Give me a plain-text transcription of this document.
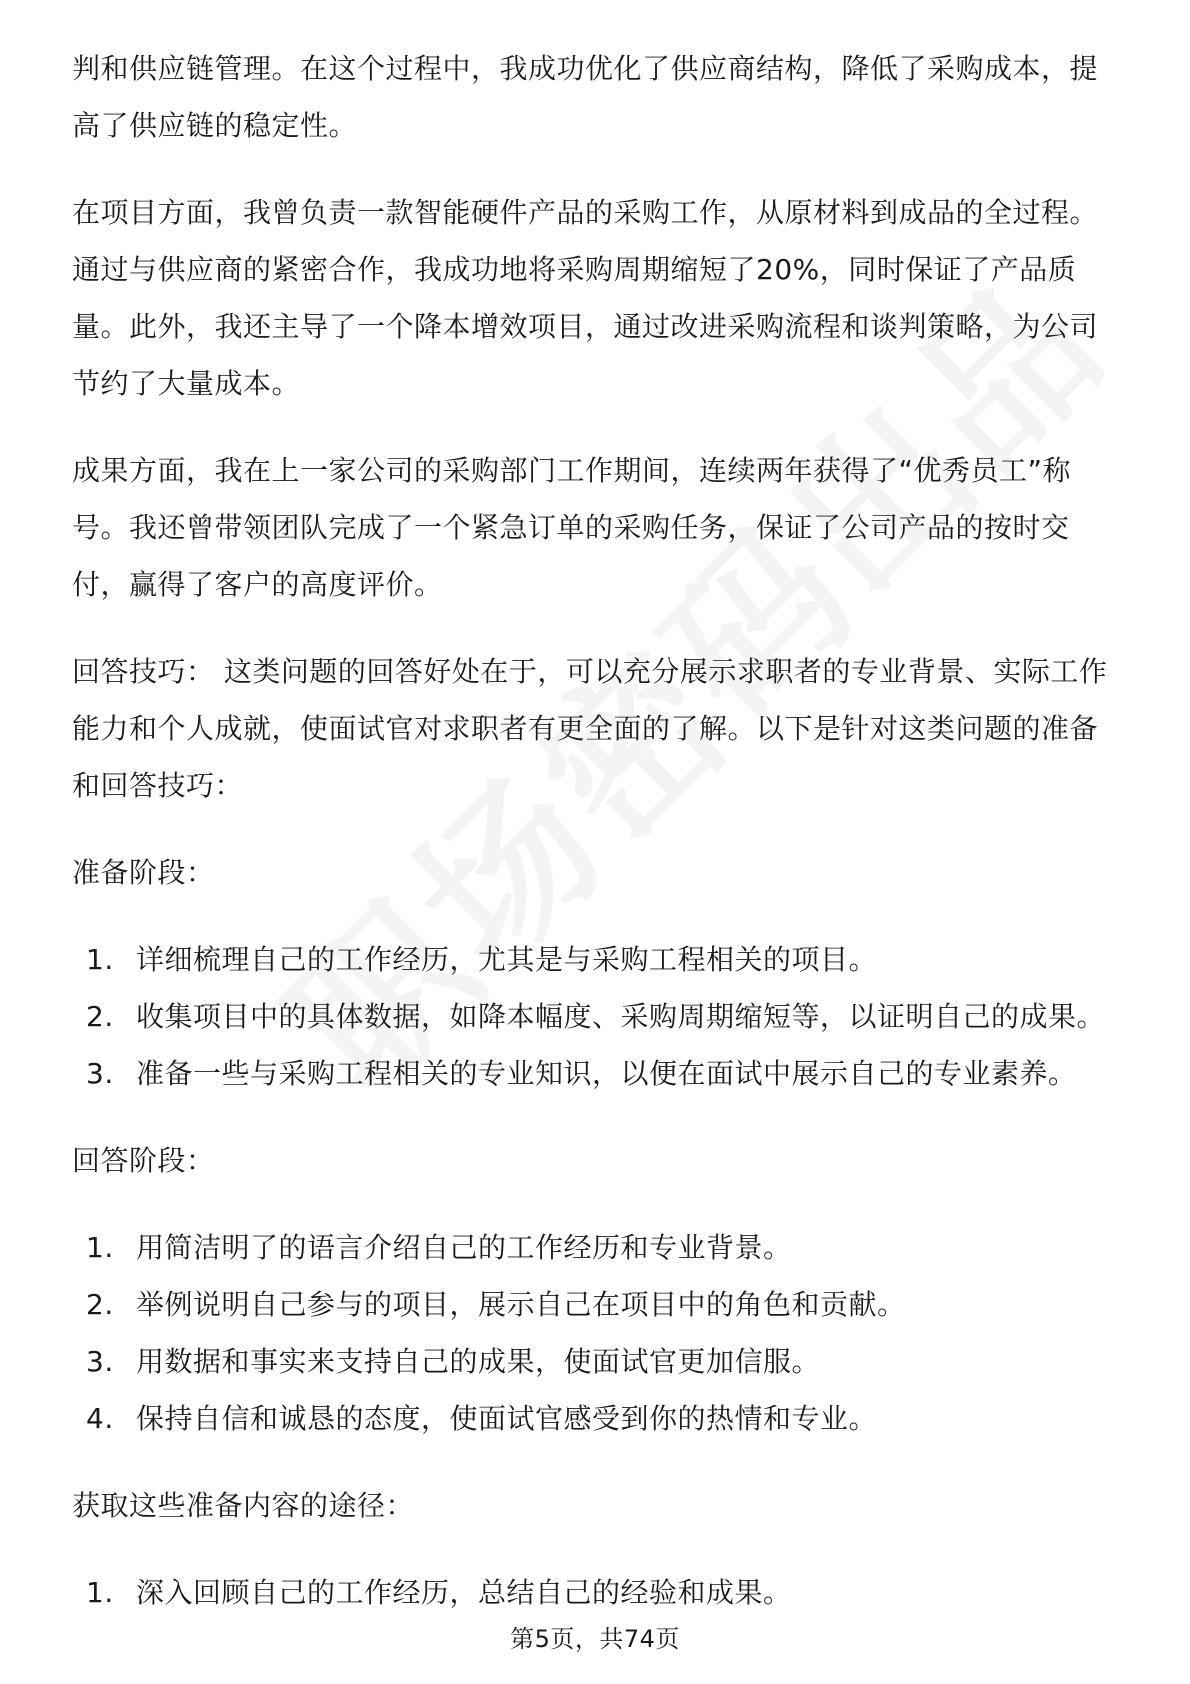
判和供应链管理。在这个过程中，我成功优化了供应商结构，降低了采购成本，提高了供应链的稳定性。

在项目方面，我曾负责一款智能硬件产品的采购工作，从原材料到成品的全过程。通过与供应商的紧密合作，我成功地将采购周期缩短了20%，同时保证了产品质量。此外，我还主导了一个降本增效项目，通过改进采购流程和谈判策略，为公司节约了大量成本。

成果方面，我在上一家公司的采购部门工作期间，连续两年获得了“优秀员工”称号。我还曾带领团队完成了一个紧急订单的采购任务，保证了公司产品的按时交付，赢得了客户的高度评价。

回答技巧： 这类问题的回答好处在于，可以充分展示求职者的专业背景、实际工作能力和个人成就，使面试官对求职者有更全面的了解。以下是针对这类问题的准备和回答技巧：

准备阶段：
1. 详细梳理自己的工作经历，尤其是与采购工程相关的项目。
2. 收集项目中的具体数据，如降本幅度、采购周期缩短等，以证明自己的成果。
3. 准备一些与采购工程相关的专业知识，以便在面试中展示自己的专业素养。
回答阶段：
1. 用简洁明了的语言介绍自己的工作经历和专业背景。
2. 举例说明自己参与的项目，展示自己在项目中的角色和贡献。
3. 用数据和事实来支持自己的成果，使面试官更加信服。
4. 保持自信和诚恳的态度，使面试官感受到你的热情和专业。
获取这些准备内容的途径：
1. 深入回顾自己的工作经历，总结自己的经验和成果。
第5页，共74页
